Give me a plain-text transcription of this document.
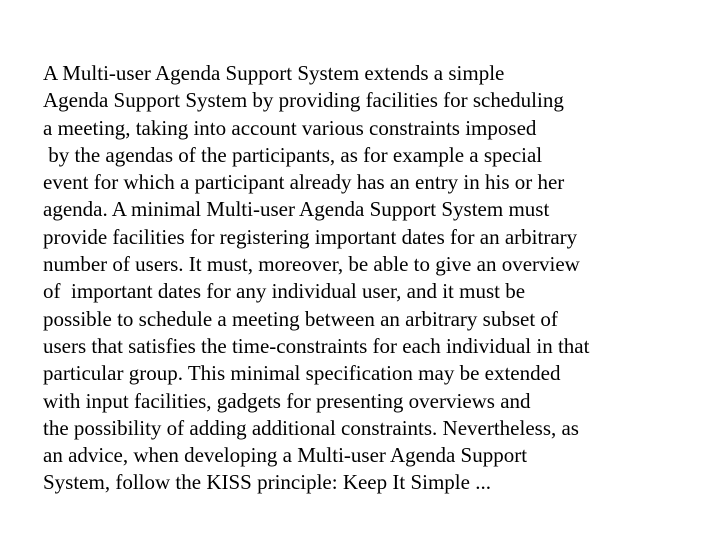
A Multi-user Agenda Support System extends a simple
Agenda Support System by providing facilities for scheduling
a meeting, taking into account various constraints imposed
by the agendas of the participants, as for example a special
event for which a participant already has an entry in his or her
agenda. A minimal Multi-user Agenda Support System must
provide facilities for registering important dates for an arbitrary
number of users. It must, moreover, be able to give an overview
of  important dates for any individual user, and it must be
possible to schedule a meeting between an arbitrary subset of
users that satisfies the time-constraints for each individual in that
particular group. This minimal specification may be extended
with input facilities, gadgets for presenting overviews and
the possibility of adding additional constraints. Nevertheless, as
an advice, when developing a Multi-user Agenda Support
System, follow the KISS principle: Keep It Simple ...
